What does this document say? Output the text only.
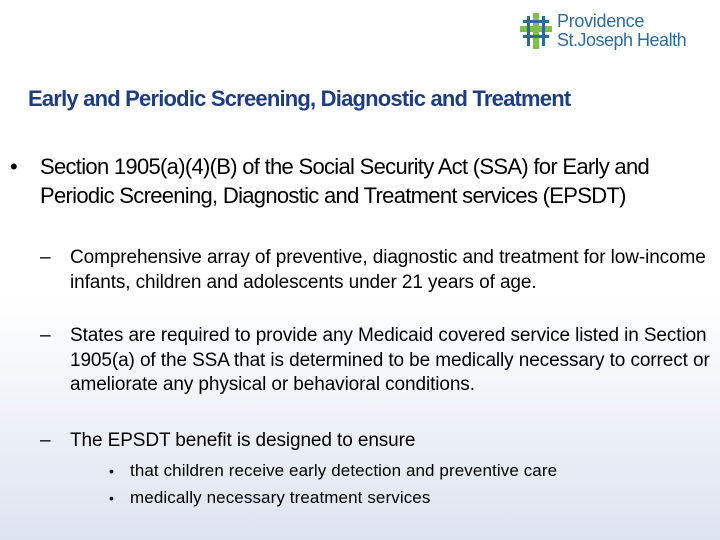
Providence
St.Joseph Health
Early and Periodic Screening, Diagnostic and Treatment
• Section 1905(a)(4)(B) of the Social Security Act (SSA) for Early and Periodic Screening, Diagnostic and Treatment services (EPSDT)
– Comprehensive array of preventive, diagnostic and treatment for low-income infants, children and adolescents under 21 years of age.
– States are required to provide any Medicaid covered service listed in Section 1905(a) of the SSA that is determined to be medically necessary to correct or ameliorate any physical or behavioral conditions.
– The EPSDT benefit is designed to ensure
• that children receive early detection and preventive care
• medically necessary treatment services
